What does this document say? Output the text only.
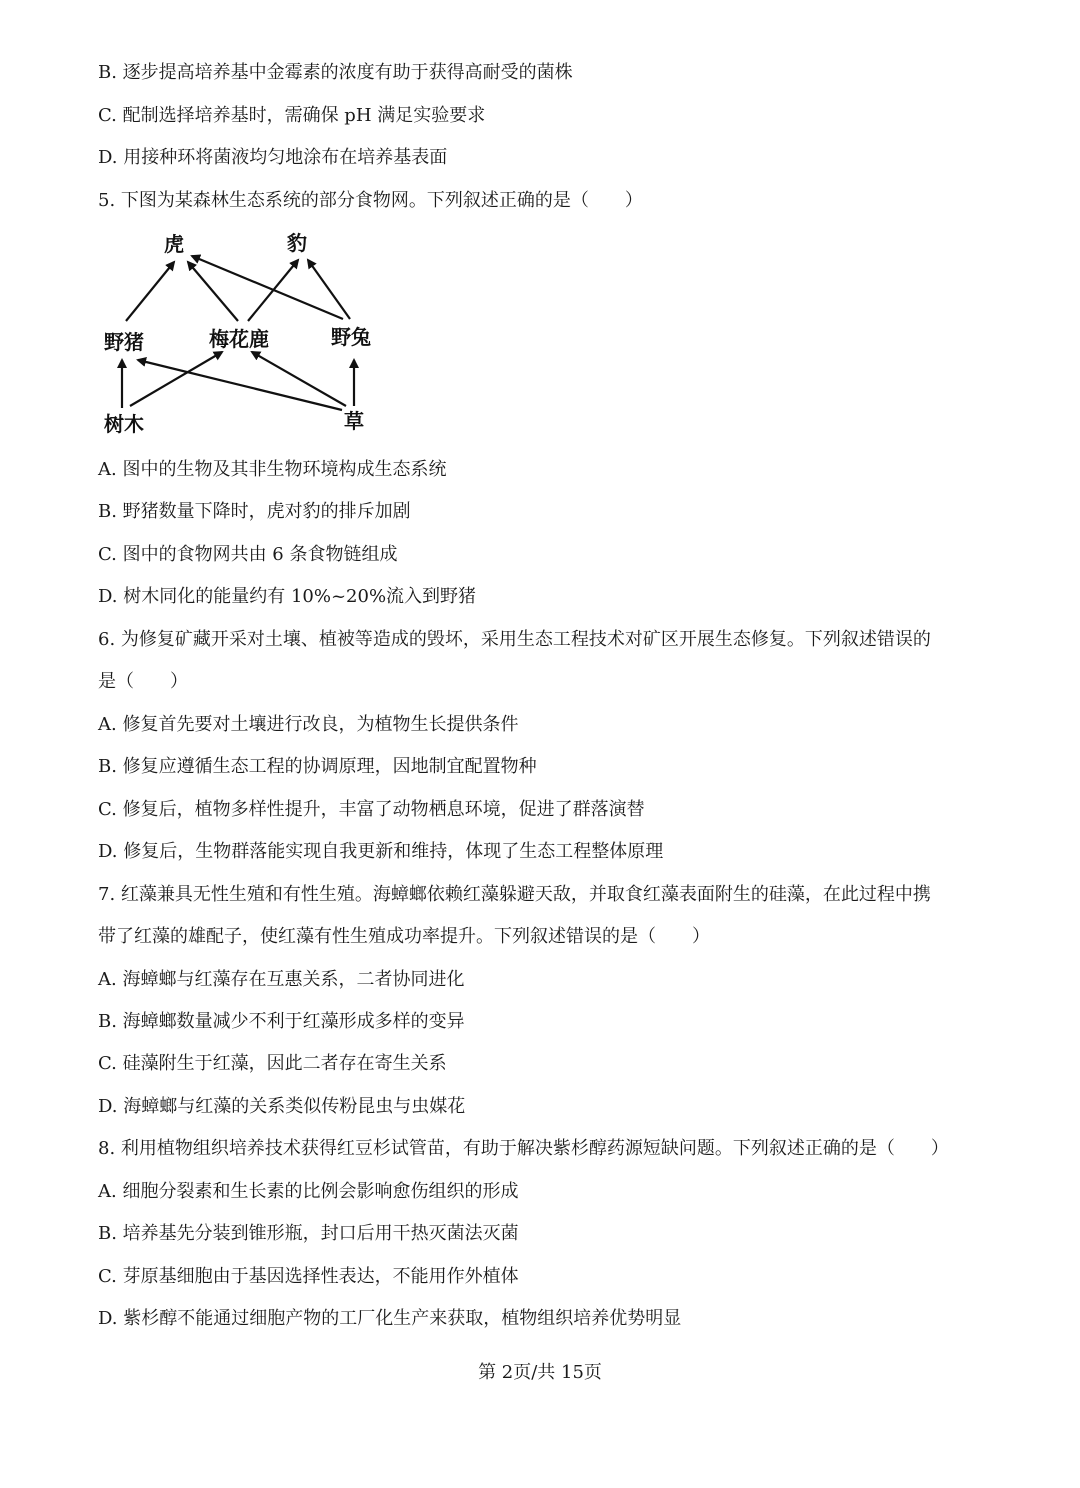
B. 逐步提高培养基中金霉素的浓度有助于获得高耐受的菌株
C. 配制选择培养基时，需确保 pH 满足实验要求
D. 用接种环将菌液均匀地涂布在培养基表面
5. 下图为某森林生态系统的部分食物网。下列叙述正确的是（　　）
虎	豹
野猪	梅花鹿	野兔
树木	草
A. 图中的生物及其非生物环境构成生态系统
B. 野猪数量下降时，虎对豹的排斥加剧
C. 图中的食物网共由 6 条食物链组成
D. 树木同化的能量约有 10%~20%流入到野猪
6. 为修复矿藏开采对土壤、植被等造成的毁坏，采用生态工程技术对矿区开展生态修复。下列叙述错误的
是（　　）
A. 修复首先要对土壤进行改良，为植物生长提供条件
B. 修复应遵循生态工程的协调原理，因地制宜配置物种
C. 修复后，植物多样性提升，丰富了动物栖息环境，促进了群落演替
D. 修复后，生物群落能实现自我更新和维持，体现了生态工程整体原理
7. 红藻兼具无性生殖和有性生殖。海蟑螂依赖红藻躲避天敌，并取食红藻表面附生的硅藻，在此过程中携
带了红藻的雄配子，使红藻有性生殖成功率提升。下列叙述错误的是（　　）
A. 海蟑螂与红藻存在互惠关系，二者协同进化
B. 海蟑螂数量减少不利于红藻形成多样的变异
C. 硅藻附生于红藻，因此二者存在寄生关系
D. 海蟑螂与红藻的关系类似传粉昆虫与虫媒花
8. 利用植物组织培养技术获得红豆杉试管苗，有助于解决紫杉醇药源短缺问题。下列叙述正确的是（　　）
A. 细胞分裂素和生长素的比例会影响愈伤组织的形成
B. 培养基先分装到锥形瓶，封口后用干热灭菌法灭菌
C. 芽原基细胞由于基因选择性表达，不能用作外植体
D. 紫杉醇不能通过细胞产物的工厂化生产来获取，植物组织培养优势明显
第 2页/共 15页
